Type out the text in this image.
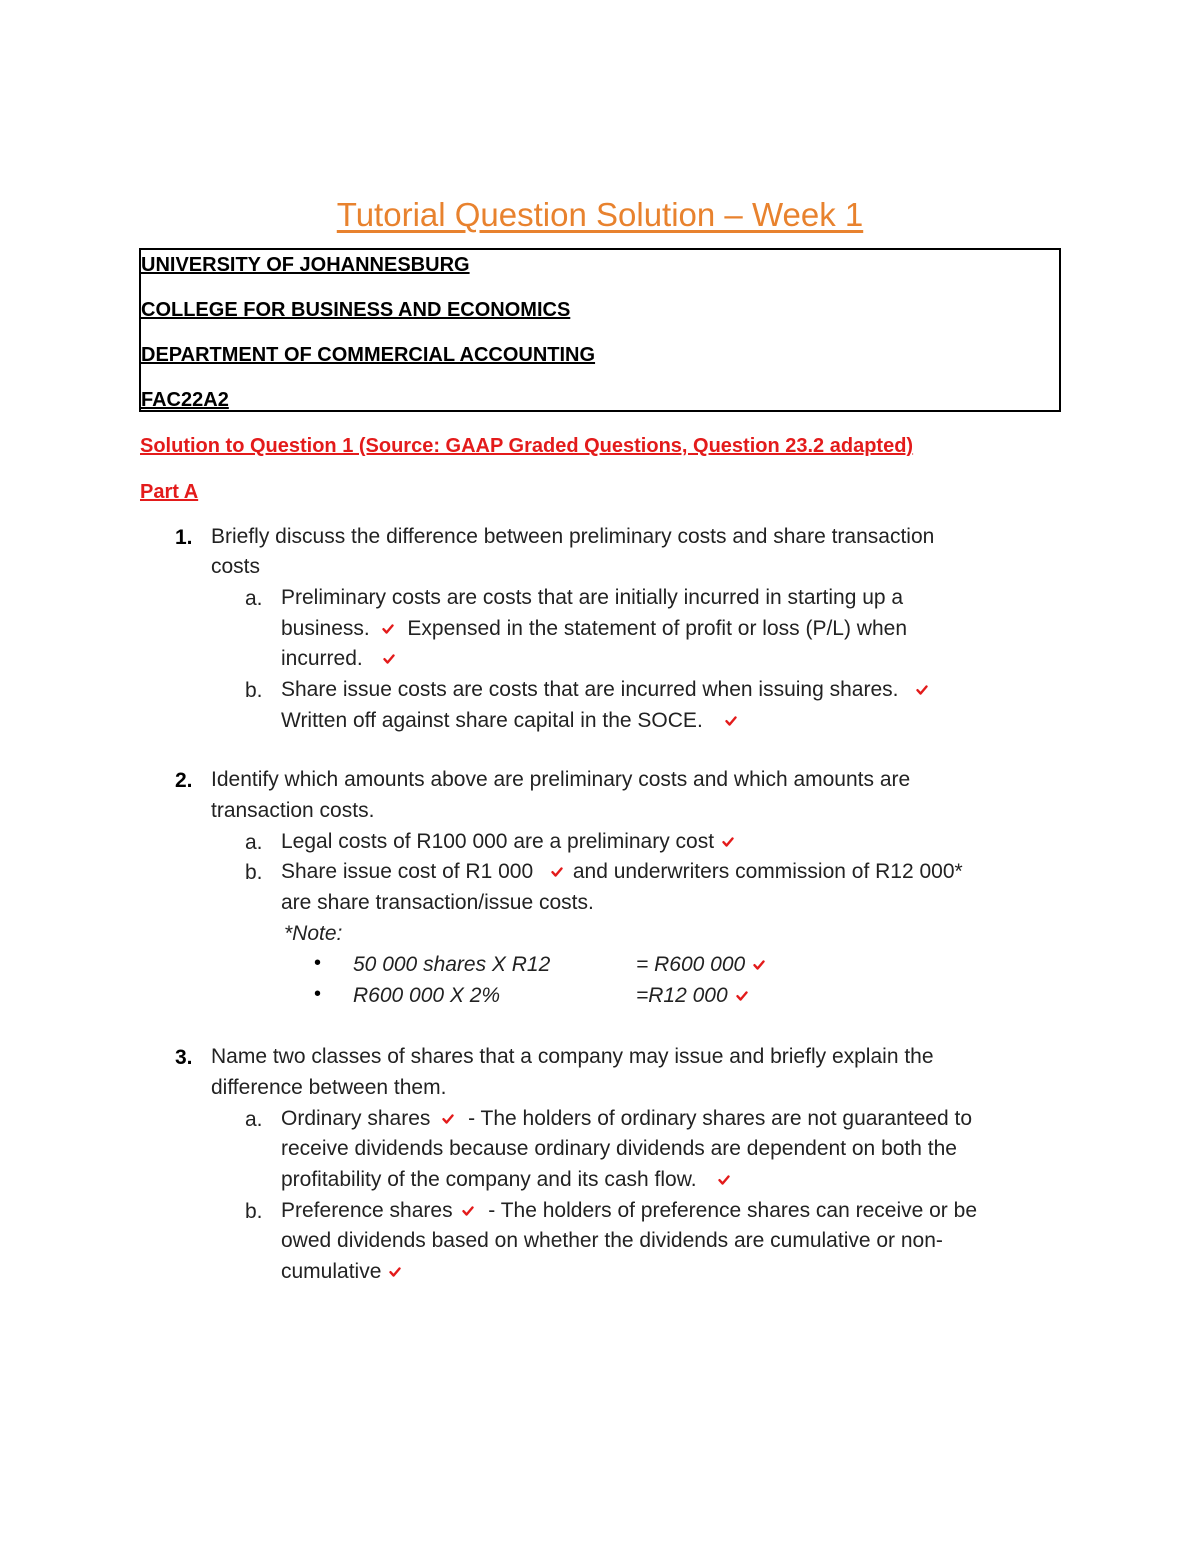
Tutorial Question Solution – Week 1
UNIVERSITY OF JOHANNESBURG
COLLEGE FOR BUSINESS AND ECONOMICS
DEPARTMENT OF COMMERCIAL ACCOUNTING
FAC22A2
Solution to Question 1 (Source: GAAP Graded Questions, Question 23.2 adapted)
Part A
1. Briefly discuss the difference between preliminary costs and share transaction
costs
a. Preliminary costs are costs that are initially incurred in starting up a
business. Expensed in the statement of profit or loss (P/L) when
incurred.
b. Share issue costs are costs that are incurred when issuing shares.
Written off against share capital in the SOCE.
2. Identify which amounts above are preliminary costs and which amounts are
transaction costs.
a. Legal costs of R100 000 are a preliminary cost
b. Share issue cost of R1 000 and underwriters commission of R12 000*
are share transaction/issue costs.
*Note:
• 50 000 shares X R12	= R600 000
• R600 000 X 2%	=R12 000
3. Name two classes of shares that a company may issue and briefly explain the
difference between them.
a. Ordinary shares - The holders of ordinary shares are not guaranteed to
receive dividends because ordinary dividends are dependent on both the
profitability of the company and its cash flow.
b. Preference shares - The holders of preference shares can receive or be
owed dividends based on whether the dividends are cumulative or non-
cumulative
